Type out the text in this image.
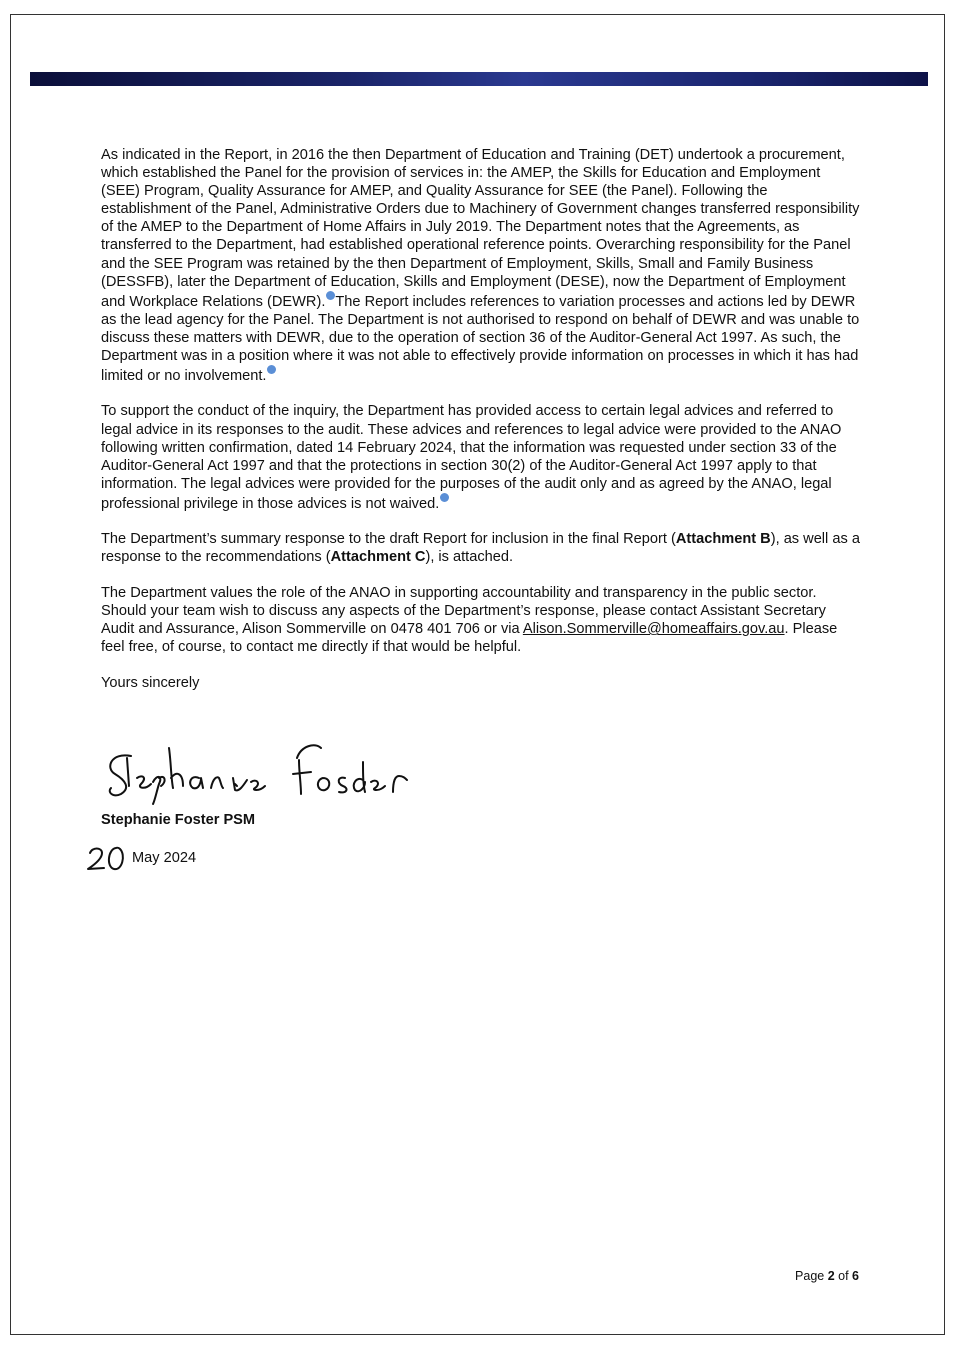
As indicated in the Report, in 2016 the then Department of Education and Training (DET) undertook a procurement, which established the Panel for the provision of services in: the AMEP, the Skills for Education and Employment (SEE) Program, Quality Assurance for AMEP, and Quality Assurance for SEE (the Panel). Following the establishment of the Panel, Administrative Orders due to Machinery of Government changes transferred responsibility of the AMEP to the Department of Home Affairs in July 2019. The Department notes that the Agreements, as transferred to the Department, had established operational reference points. Overarching responsibility for the Panel and the SEE Program was retained by the then Department of Employment, Skills, Small and Family Business (DESSFB), later the Department of Education, Skills and Employment (DESE), now the Department of Employment and Workplace Relations (DEWR). The Report includes references to variation processes and actions led by DEWR as the lead agency for the Panel. The Department is not authorised to respond on behalf of DEWR and was unable to discuss these matters with DEWR, due to the operation of section 36 of the Auditor-General Act 1997. As such, the Department was in a position where it was not able to effectively provide information on processes in which it has had limited or no involvement.

To support the conduct of the inquiry, the Department has provided access to certain legal advices and referred to legal advice in its responses to the audit. These advices and references to legal advice were provided to the ANAO following written confirmation, dated 14 February 2024, that the information was requested under section 33 of the Auditor-General Act 1997 and that the protections in section 30(2) of the Auditor-General Act 1997 apply to that information. The legal advices were provided for the purposes of the audit only and as agreed by the ANAO, legal professional privilege in those advices is not waived.

The Department’s summary response to the draft Report for inclusion in the final Report (Attachment B), as well as a response to the recommendations (Attachment C), is attached.

The Department values the role of the ANAO in supporting accountability and transparency in the public sector. Should your team wish to discuss any aspects of the Department’s response, please contact Assistant Secretary Audit and Assurance, Alison Sommerville on 0478 401 706 or via Alison.Sommerville@homeaffairs.gov.au. Please feel free, of course, to contact me directly if that would be helpful.

Yours sincerely

Stephanie Foster PSM
May 2024
Page 2 of 6
